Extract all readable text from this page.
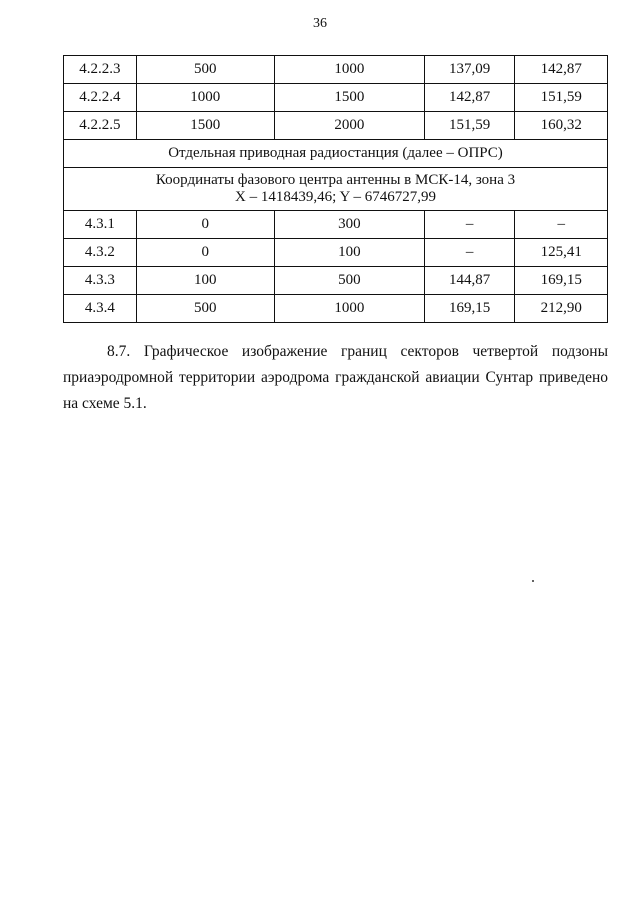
36
4.2.2.3	500	1000	137,09	142,87
4.2.2.4	1000	1500	142,87	151,59
4.2.2.5	1500	2000	151,59	160,32
Отдельная приводная радиостанция (далее – ОПРС)				

Координаты фазового центра антенны в МСК-14, зона 3
X – 1418439,46; Y – 6746727,99				

4.3.1	0	300	–	–
4.3.2	0	100	–	125,41
4.3.3	100	500	144,87	169,15
4.3.4	500	1000	169,15	212,90
8.7. Графическое изображение границ секторов четвертой подзоны приаэродромной территории аэродрома гражданской авиации Сунтар приведено на схеме 5.1.
